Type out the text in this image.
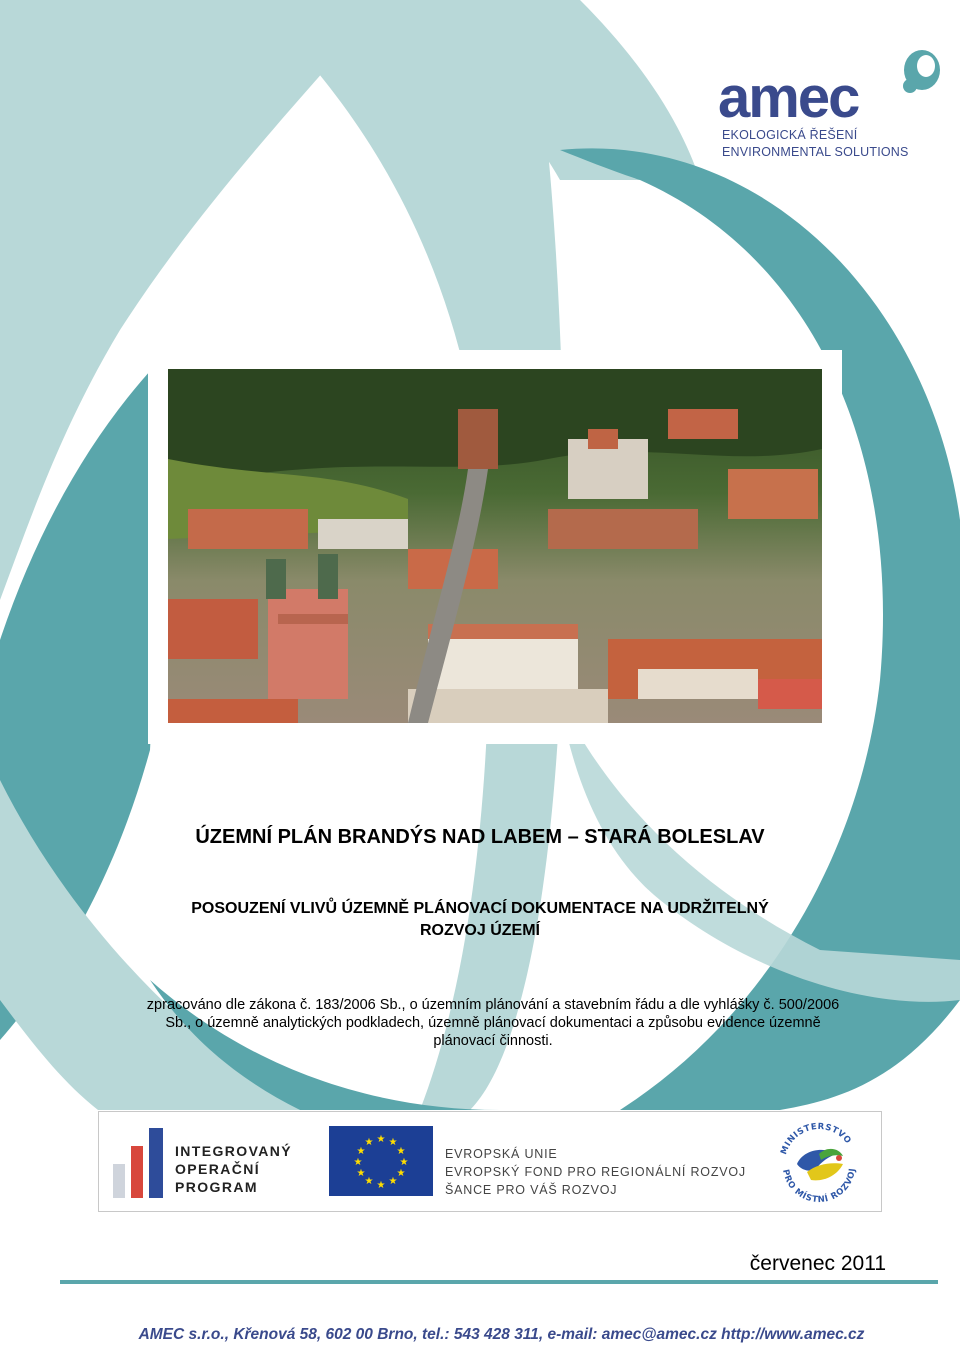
amec
EKOLOGICKÁ ŘEŠENÍ
ENVIRONMENTAL SOLUTIONS
ÚZEMNÍ PLÁN BRANDÝS NAD LABEM – STARÁ BOLESLAV
POSOUZENÍ VLIVŮ ÚZEMNĚ PLÁNOVACÍ DOKUMENTACE NA UDRŽITELNÝ
ROZVOJ ÚZEMÍ
zpracováno dle zákona č. 183/2006 Sb., o územním plánování a stavebním řádu a dle vyhlášky č. 500/2006
Sb., o územně analytických podkladech, územně plánovací dokumentaci a způsobu evidence územně
plánovací činnosti.
INTEGROVANÝ
OPERAČNÍ
PROGRAM
★ ★
★
★
★
★
★
★
★
★
★
★
EVROPSKÁ UNIE
EVROPSKÝ FOND PRO REGIONÁLNÍ ROZVOJ
ŠANCE PRO VÁŠ ROZVOJ
MINISTERSTVO
PRO MÍSTNÍ ROZVOJ
červenec 2011
AMEC s.r.o., Křenová 58, 602 00 Brno, tel.: 543 428 311, e-mail: amec@amec.cz http://www.amec.cz
